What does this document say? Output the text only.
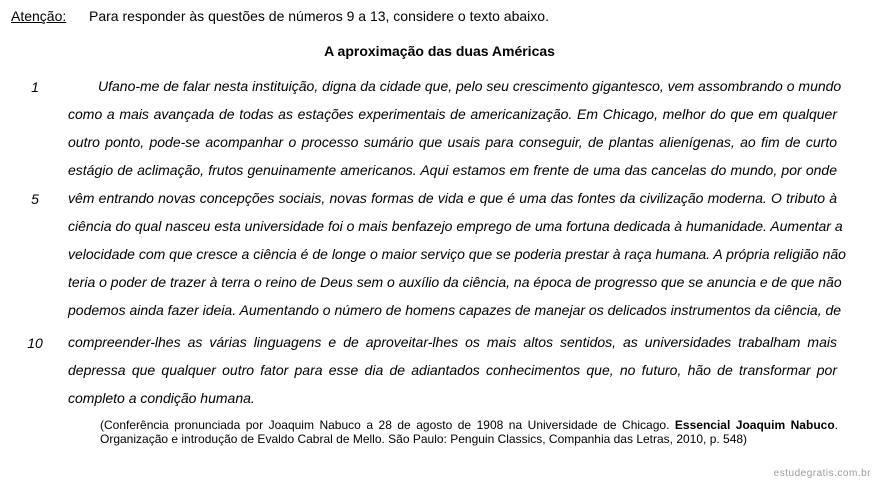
Atenção: Para responder às questões de números 9 a 13, considere o texto abaixo.
A aproximação das duas Américas
1
5
10
Ufano-me de falar nesta instituição, digna da cidade que, pelo seu crescimento gigantesco, vem assombrando o mundo
como a mais avançada de todas as estações experimentais de americanização. Em Chicago, melhor do que em qualquer
outro ponto, pode-se acompanhar o processo sumário que usais para conseguir, de plantas alienígenas, ao fim de curto
estágio de aclimação, frutos genuinamente americanos. Aqui estamos em frente de uma das cancelas do mundo, por onde
vêm entrando novas concepções sociais, novas formas de vida e que é uma das fontes da civilização moderna. O tributo à
ciência do qual nasceu esta universidade foi o mais benfazejo emprego de uma fortuna dedicada à humanidade. Aumentar a
velocidade com que cresce a ciência é de longe o maior serviço que se poderia prestar à raça humana. A própria religião não
teria o poder de trazer à terra o reino de Deus sem o auxílio da ciência, na época de progresso que se anuncia e de que não
podemos ainda fazer ideia. Aumentando o número de homens capazes de manejar os delicados instrumentos da ciência, de
compreender-lhes as várias linguagens e de aproveitar-lhes os mais altos sentidos, as universidades trabalham mais
depressa que qualquer outro fator para esse dia de adiantados conhecimentos que, no futuro, hão de transformar por
completo a condição humana.
(Conferência pronunciada por Joaquim Nabuco a 28 de agosto de 1908 na Universidade de Chicago. Essencial Joaquim Nabuco. Organização e introdução de Evaldo Cabral de Mello. São Paulo: Penguin Classics, Companhia das Letras, 2010, p. 548)
estudegratis.com.br
